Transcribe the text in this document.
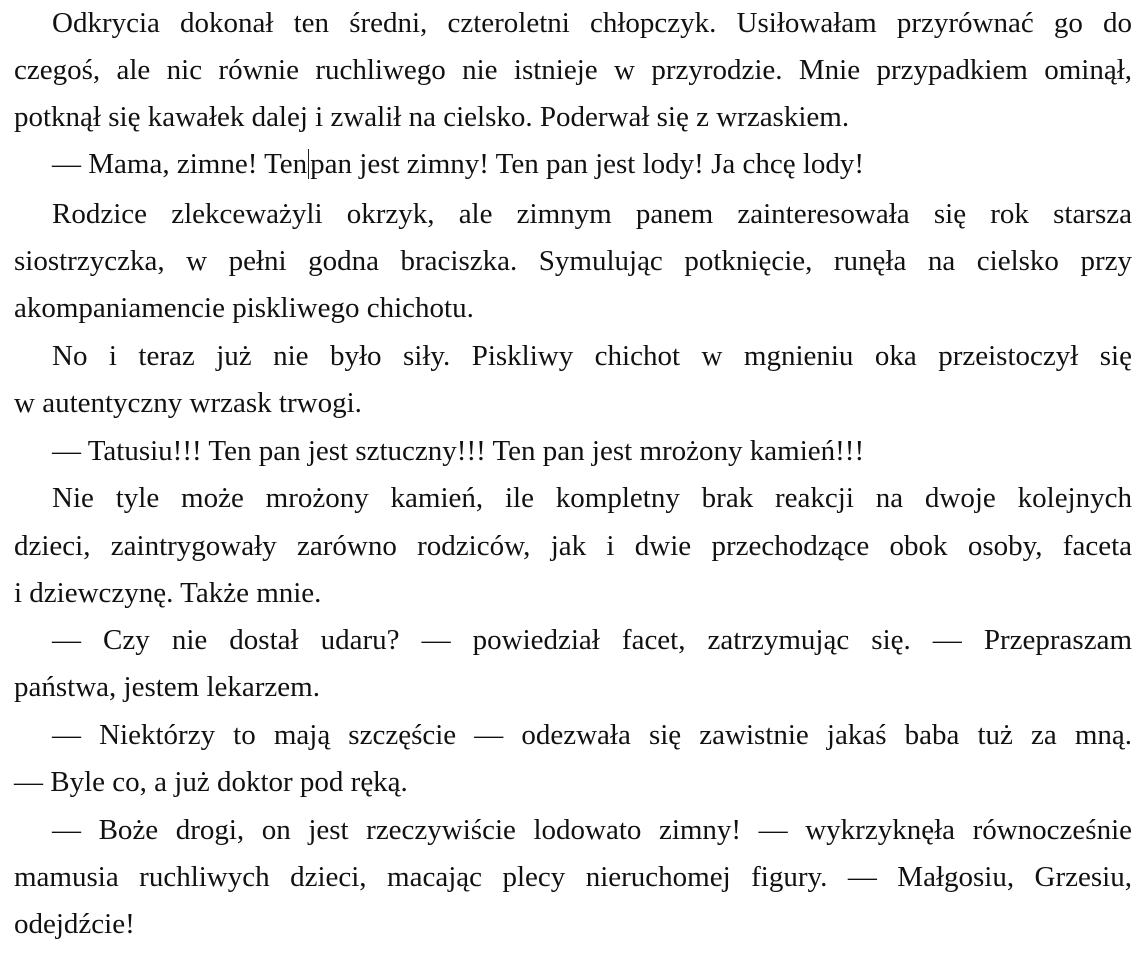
Odkrycia dokonał ten średni, czteroletni chłopczyk. Usiłowałam przyrównać go do
czegoś, ale nic równie ruchliwego nie istnieje w przyrodzie. Mnie przypadkiem ominął,
potknął się kawałek dalej i zwalił na cielsko. Poderwał się z wrzaskiem.
— Mama, zimne! Ten pan jest zimny! Ten pan jest lody! Ja chcę lody!
Rodzice zlekceważyli okrzyk, ale zimnym panem zainteresowała się rok starsza
siostrzyczka, w pełni godna braciszka. Symulując potknięcie, runęła na cielsko przy
akompaniamencie piskliwego chichotu.
No i teraz już nie było siły. Piskliwy chichot w mgnieniu oka przeistoczył się
w autentyczny wrzask trwogi.
— Tatusiu!!! Ten pan jest sztuczny!!! Ten pan jest mrożony kamień!!!
Nie tyle może mrożony kamień, ile kompletny brak reakcji na dwoje kolejnych
dzieci, zaintrygowały zarówno rodziców, jak i dwie przechodzące obok osoby, faceta
i dziewczynę. Także mnie.
— Czy nie dostał udaru? — powiedział facet, zatrzymując się. — Przepraszam
państwa, jestem lekarzem.
— Niektórzy to mają szczęście — odezwała się zawistnie jakaś baba tuż za mną.
— Byle co, a już doktor pod ręką.
— Boże drogi, on jest rzeczywiście lodowato zimny! — wykrzyknęła równocześnie
mamusia ruchliwych dzieci, macając plecy nieruchomej figury. — Małgosiu, Grzesiu,
odejdźcie!
